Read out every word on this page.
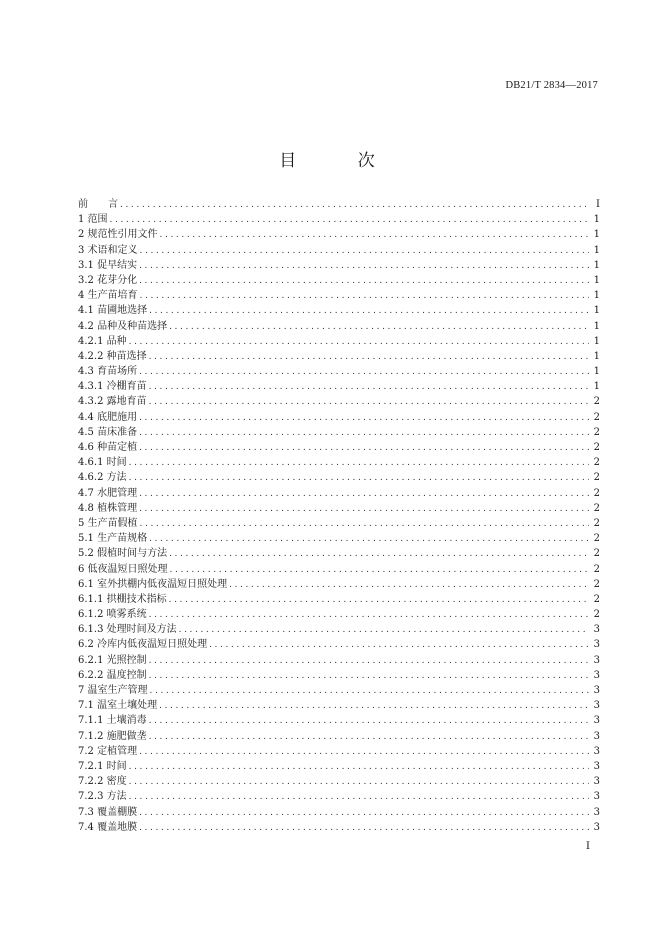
DB21/T 2834—2017
目 次
前　　言 .....	I
1 范围 .....	1
2 规范性引用文件 .....	1
3 术语和定义 .....	1
3.1 促早结实 .....	1
3.2 花芽分化 .....	1
4 生产苗培育 .....	1
4.1 苗圃地选择 .....	1
4.2 品种及种苗选择 .....	1
4.2.1 品种 .....	1
4.2.2 种苗选择 .....	1
4.3 育苗场所 .....	1
4.3.1 冷棚育苗 .....	1
4.3.2 露地育苗 .....	2
4.4 底肥施用 .....	2
4.5 苗床准备 .....	2
4.6 种苗定植 .....	2
4.6.1 时间 .....	2
4.6.2 方法 .....	2
4.7 水肥管理 .....	2
4.8 植株管理 .....	2
5 生产苗假植 .....	2
5.1 生产苗规格 .....	2
5.2 假植时间与方法 .....	2
6 低夜温短日照处理 .....	2
6.1 室外拱棚内低夜温短日照处理 .....	2
6.1.1 拱棚技术指标 .....	2
6.1.2 喷雾系统 .....	2
6.1.3 处理时间及方法 .....	3
6.2 冷库内低夜温短日照处理 .....	3
6.2.1 光照控制 .....	3
6.2.2 温度控制 .....	3
7 温室生产管理 .....	3
7.1 温室土壤处理 .....	3
7.1.1 土壤消毒 .....	3
7.1.2 施肥做垄 .....	3
7.2 定植管理 .....	3
7.2.1 时间 .....	3
7.2.2 密度 .....	3
7.2.3 方法 .....	3
7.3 覆盖棚膜 .....	3
7.4 覆盖地膜 .....	3
I
